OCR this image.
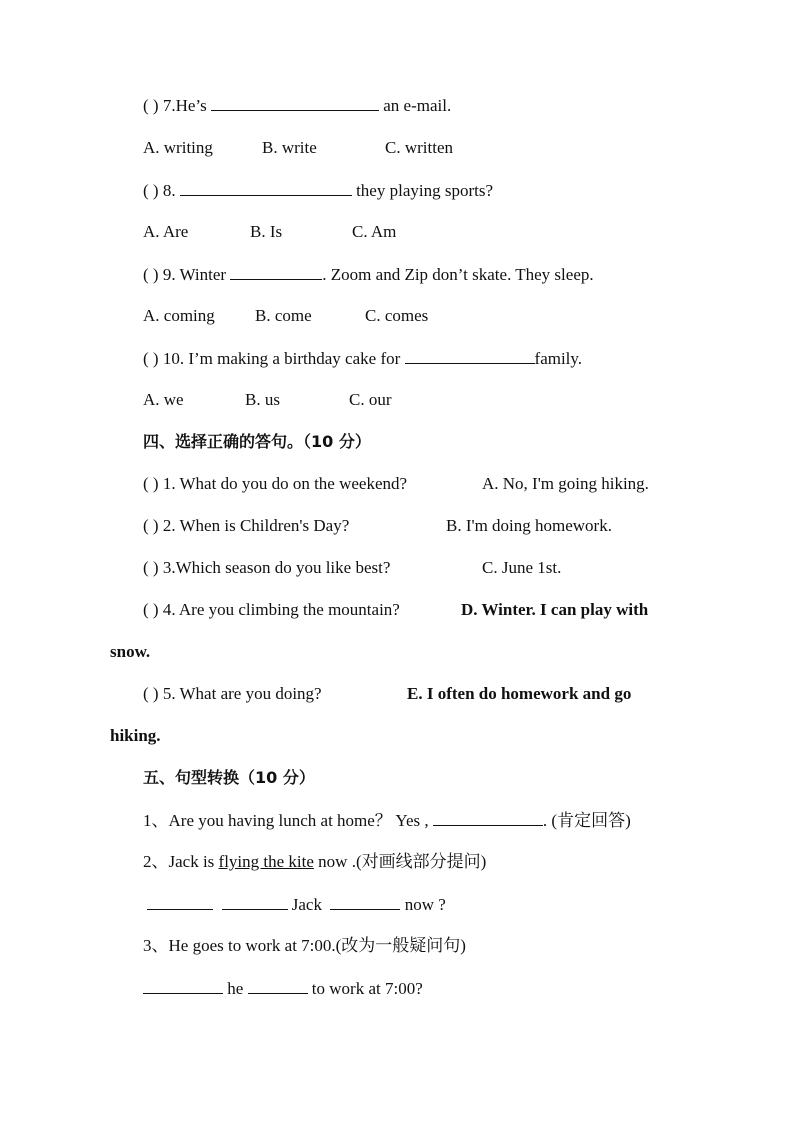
( ) 7.He’s	an e-mail.
A. writing	B. write	C. written
( ) 8.	they playing sports?
A. Are	B. Is	C. Am
( ) 9. Winter	. Zoom and Zip don’t skate. They sleep.
A. coming B. come	C. comes
( ) 10. I’m making a birthday cake for	family.
A. we	B. us	C. our
四、选择正确的答句。（10 分）
( ) 1. What do you do on the weekend?	A. No, I'm going hiking.
( ) 2. When is Children's Day?	B. I'm doing homework.
( ) 3.Which season do you like best?	C. June 1st.
( ) 4. Are you climbing the mountain?	D. Winter. I can play with
snow.
( ) 5. What are you doing?	E. I often do homework and go
hiking.
五、句型转换（10 分）
1、Are you having lunch at home？ Yes ,	. (肯定回答)
2、Jack is flying the kite now .(对画线部分提问)
Jack	now ?
3、He goes to work at 7:00.(改为一般疑问句)
he	to work at 7:00?
